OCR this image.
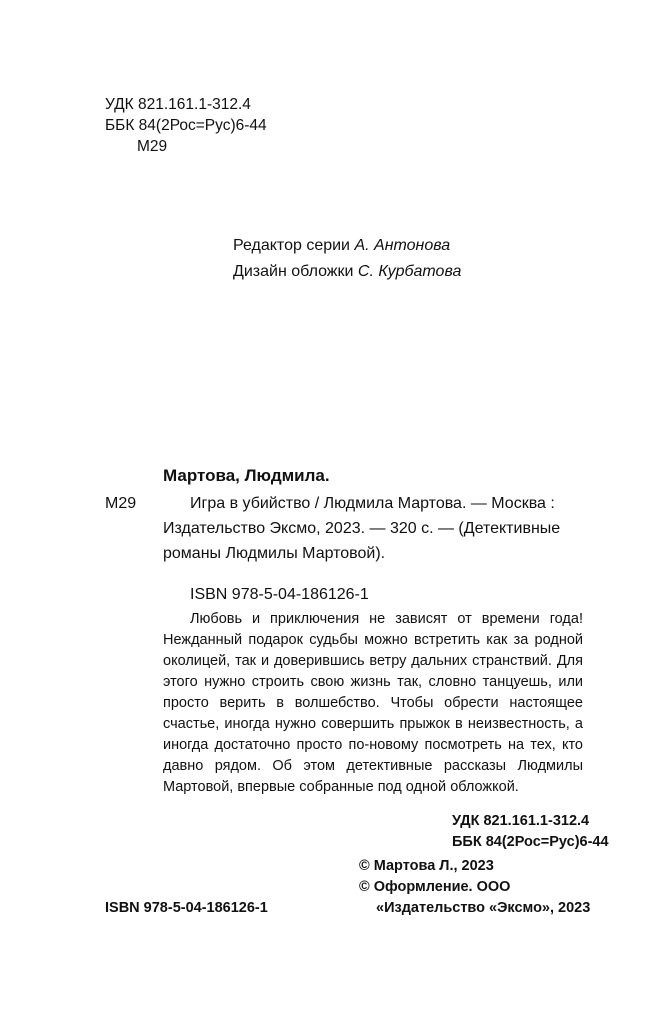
УДК 821.161.1-312.4
ББК 84(2Рос=Рус)6-44
М29
Редактор серии А. Антонова
Дизайн обложки С. Курбатова
Мартова, Людмила.
М29	Игра в убийство / Людмила Мартова. — Москва :
Издательство Эксмо, 2023. — 320 с. — (Детективные
романы Людмилы Мартовой).
ISBN 978-5-04-186126-1

Любовь и приключения не зависят от времени года! Нежданный подарок судьбы можно встретить как за родной околицей, так и доверившись ветру дальних странствий. Для этого нужно строить свою жизнь так, словно танцуешь, или просто верить в волшебство. Чтобы обрести настоящее счастье, иногда нужно совершить прыжок в неизвестность, а иногда достаточно просто по-новому посмотреть на тех, кто давно рядом. Об этом детективные рассказы Людмилы Мартовой, впервые собранные под одной обложкой.

УДК 821.161.1-312.4
ББК 84(2Рос=Рус)6-44
© Мартова Л., 2023
© Оформление. ООО
«Издательство «Эксмо», 2023
ISBN 978-5-04-186126-1
